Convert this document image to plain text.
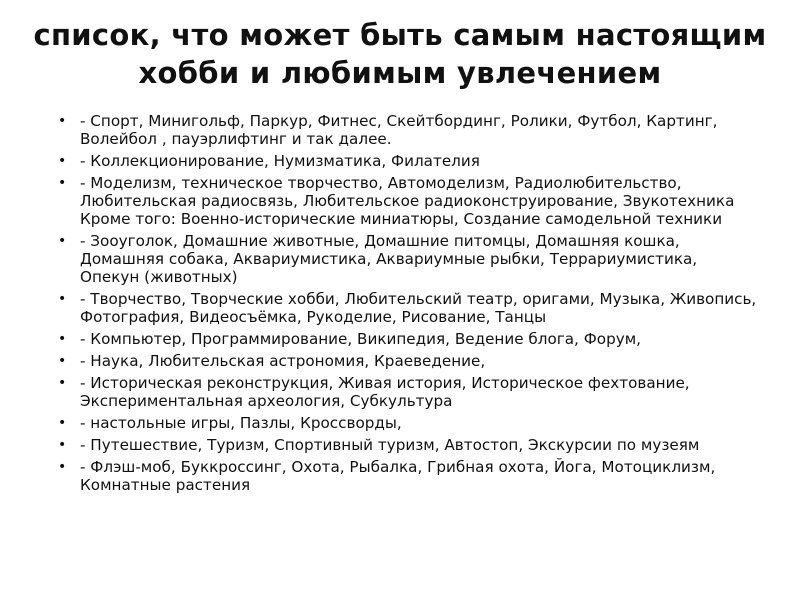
список, что может быть самым настоящим хобби и любимым увлечением
• - Спорт, Минигольф, Паркур, Фитнес, Скейтбординг, Ролики, Футбол, Картинг, Волейбол , пауэрлифтинг и так далее.
• - Коллекционирование, Нумизматика, Филателия
• - Моделизм, техническое творчество, Автомоделизм, Радиолюбительство, Любительская радиосвязь, Любительское радиоконструирование, Звукотехника
Кроме того: Военно-исторические миниатюры, Создание самодельной техники
• - Зооуголок, Домашние животные, Домашние питомцы, Домашняя кошка, Домашняя собака, Аквариумистика, Аквариумные рыбки, Террариумистика, Опекун (животных)
• - Творчество, Творческие хобби, Любительский театр, оригами, Музыка, Живопись, Фотография, Видеосъёмка, Рукоделие, Рисование, Танцы
• - Компьютер, Программирование, Википедия, Ведение блога, Форум,
• - Наука, Любительская астрономия, Краеведение,
• - Историческая реконструкция, Живая история, Историческое фехтование, Экспериментальная археология, Субкультура
• - настольные игры, Пазлы, Кроссворды,
• - Путешествие, Туризм, Спортивный туризм, Автостоп, Экскурсии по музеям
• - Флэш-моб, Буккроссинг, Охота, Рыбалка, Грибная охота, Йога, Мотоциклизм, Комнатные растения
